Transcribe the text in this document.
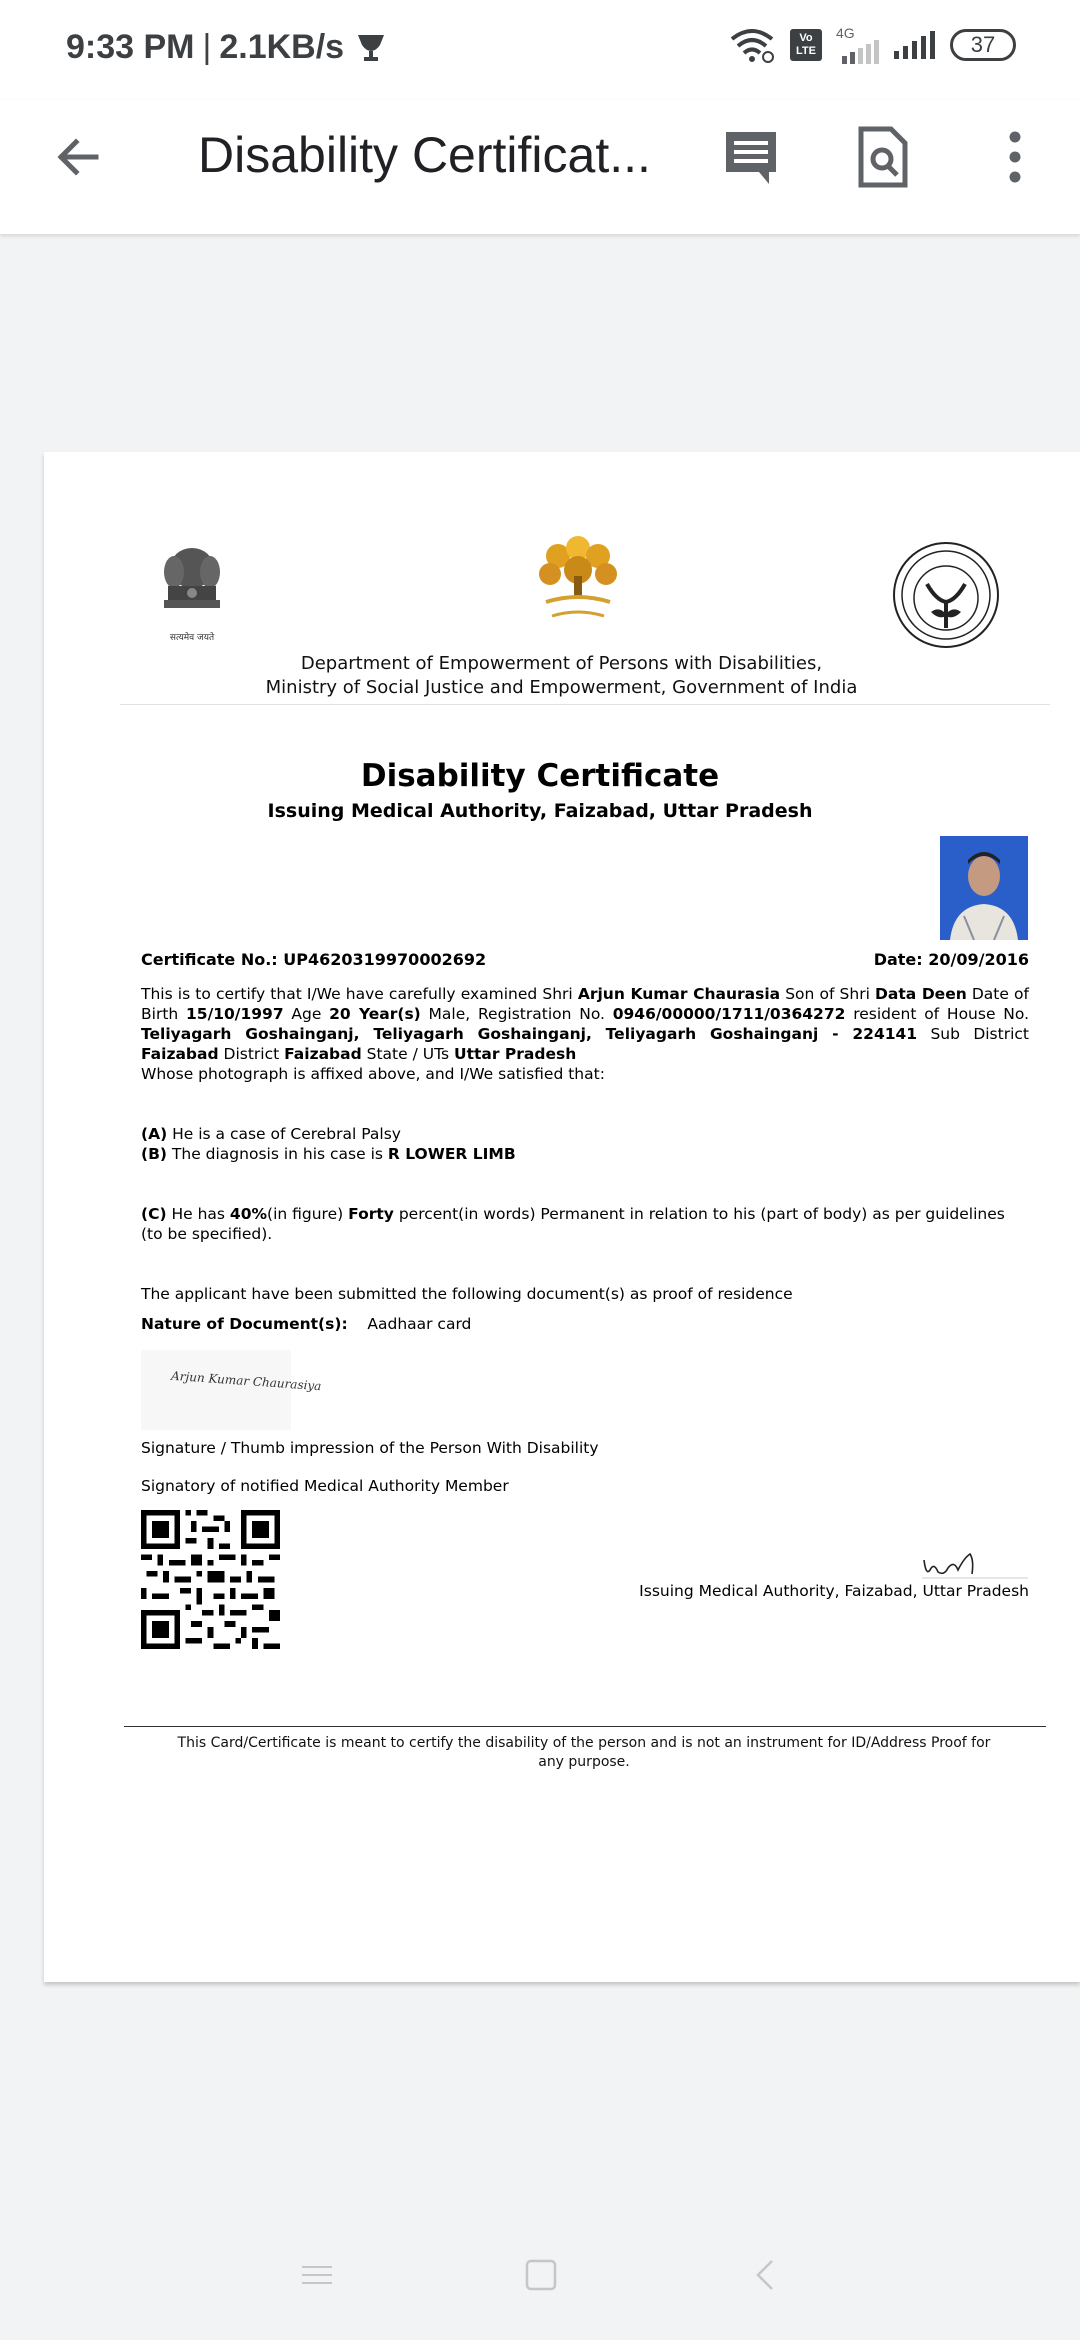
9:33 PM | 2.1KB/s	Vo LTE
4G	37
Disability Certificat...
सत्यमेव जयते
Department of Empowerment of Persons with Disabilities,
Ministry of Social Justice and Empowerment, Government of India
Disability Certificate
Issuing Medical Authority, Faizabad, Uttar Pradesh
Certificate No.: UP4620319970002692	Date: 20/09/2016
This is to certify that I/We have carefully examined Shri Arjun Kumar Chaurasia Son of Shri Data Deen Date of Birth 15/10/1997 Age 20 Year(s) Male, Registration No. 0946/00000/1711/0364272 resident of House No. Teliyagarh Goshainganj, Teliyagarh Goshainganj, Teliyagarh Goshainganj - 224141 Sub District Faizabad District Faizabad State / UTs Uttar Pradesh
Whose photograph is affixed above, and I/We satisfied that:
(A) He is a case of Cerebral Palsy
(B) The diagnosis in his case is R LOWER LIMB
(C) He has 40%(in figure) Forty percent(in words) Permanent in relation to his (part of body) as per guidelines (to be specified).
The applicant have been submitted the following document(s) as proof of residence
Nature of Document(s): Aadhaar card
Arjun Kumar Chaurasiya
Signature / Thumb impression of the Person With Disability
Signatory of notified Medical Authority Member
Issuing Medical Authority, Faizabad, Uttar Pradesh
This Card/Certificate is meant to certify the disability of the person and is not an instrument for ID/Address Proof for any purpose.
